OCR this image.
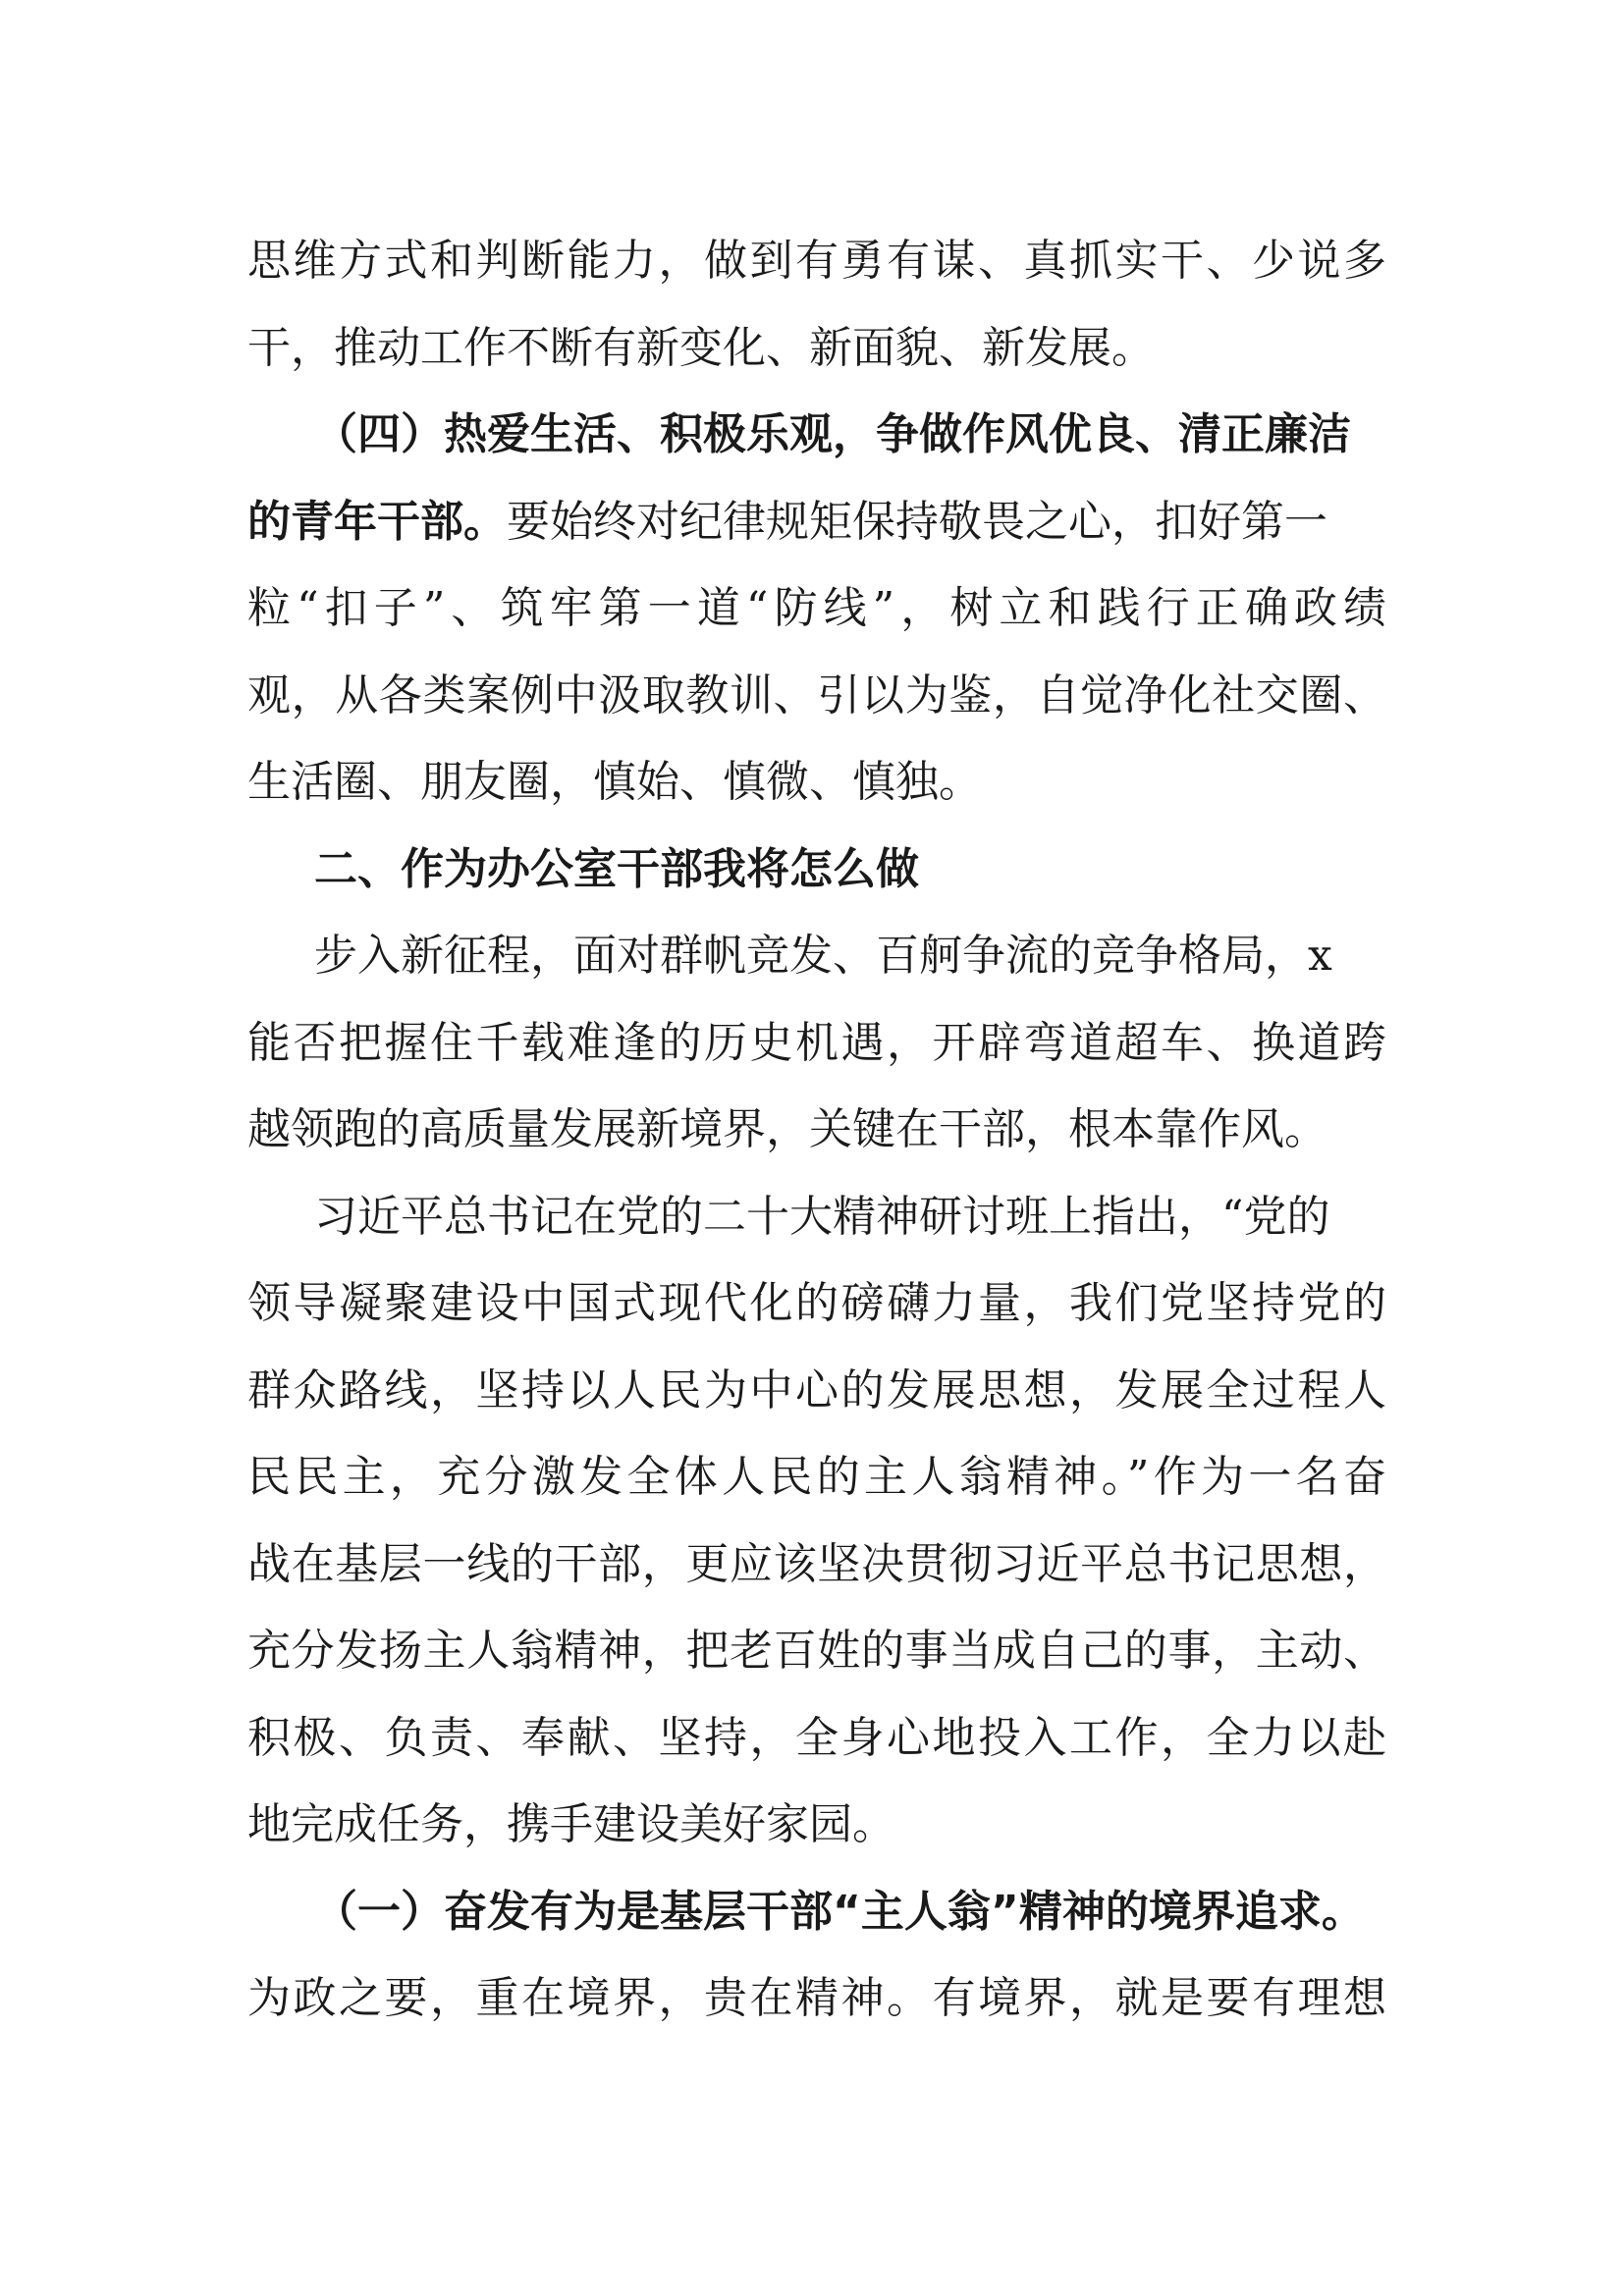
思维方式和判断能力，做到有勇有谋、真抓实干、少说多
干，推动工作不断有新变化、新面貌、新发展。
（四）热爱生活、积极乐观，争做作风优良、清正廉洁
的青年干部。要始终对纪律规矩保持敬畏之心，扣好第一
粒“扣子”、筑牢第一道“防线”，树立和践行正确政绩
观，从各类案例中汲取教训、引以为鉴，自觉净化社交圈、
生活圈、朋友圈，慎始、慎微、慎独。
二、作为办公室干部我将怎么做
步入新征程，面对群帆竞发、百舸争流的竞争格局，x
能否把握住千载难逢的历史机遇，开辟弯道超车、换道跨
越领跑的高质量发展新境界，关键在干部，根本靠作风。
习近平总书记在党的二十大精神研讨班上指出，“党的
领导凝聚建设中国式现代化的磅礴力量，我们党坚持党的
群众路线，坚持以人民为中心的发展思想，发展全过程人
民民主，充分激发全体人民的主人翁精神。”作为一名奋
战在基层一线的干部，更应该坚决贯彻习近平总书记思想，
充分发扬主人翁精神，把老百姓的事当成自己的事，主动、
积极、负责、奉献、坚持，全身心地投入工作，全力以赴
地完成任务，携手建设美好家园。
（一）奋发有为是基层干部“主人翁”精神的境界追求。
为政之要，重在境界，贵在精神。有境界，就是要有理想
